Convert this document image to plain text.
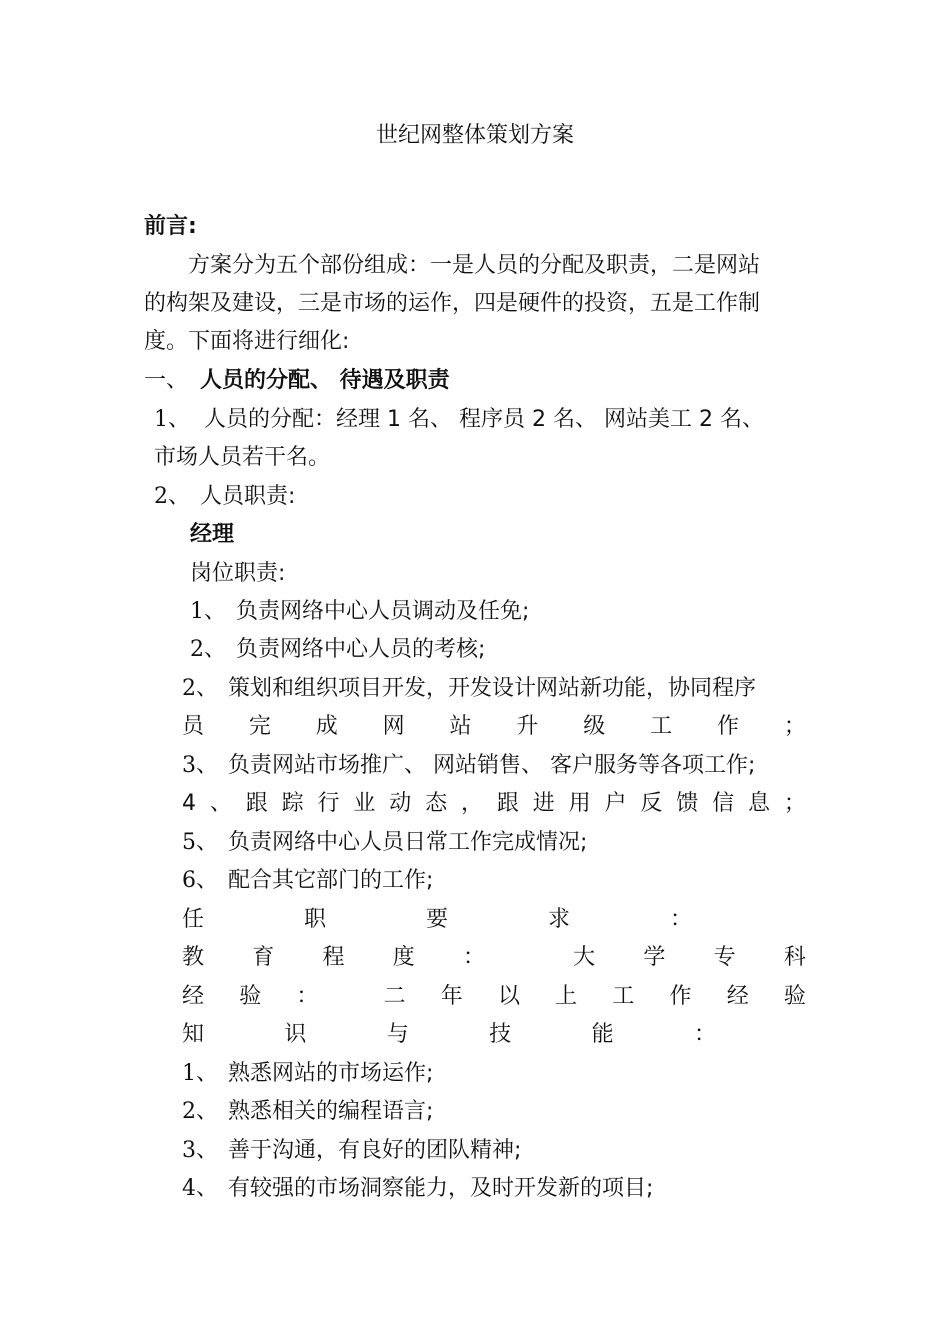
世纪网整体策划方案
前言:
方案分为五个部份组成：一是人员的分配及职责，二是网站
的构架及建设，三是市场的运作，四是硬件的投资，五是工作制
度。下面将进行细化:
一、 人员的分配、 待遇及职责
1、 人员的分配：经理 1 名、 程序员 2 名、 网站美工 2 名、
市场人员若干名。
2、 人员职责:
经理
岗位职责:
1、 负责网络中心人员调动及任免;
2、 负责网络中心人员的考核;
2、 策划和组织项目开发，开发设计网站新功能，协同程序
员 完 成 网 站 升 级 工 作 ；
3、 负责网站市场推广、 网站销售、 客户服务等各项工作;
4 、 跟 踪 行 业 动 态 ， 跟 进 用 户 反 馈 信 息 ；
5、 负责网络中心人员日常工作完成情况;
6、 配合其它部门的工作;
任	职	要	求	：
教 育 程 度 ：	大 学 专 科
经 验 ：	二 年 以 上 工 作 经 验
知	识	与	技	能	：
1、 熟悉网站的市场运作;
2、 熟悉相关的编程语言;
3、 善于沟通，有良好的团队精神;
4、 有较强的市场洞察能力，及时开发新的项目;
